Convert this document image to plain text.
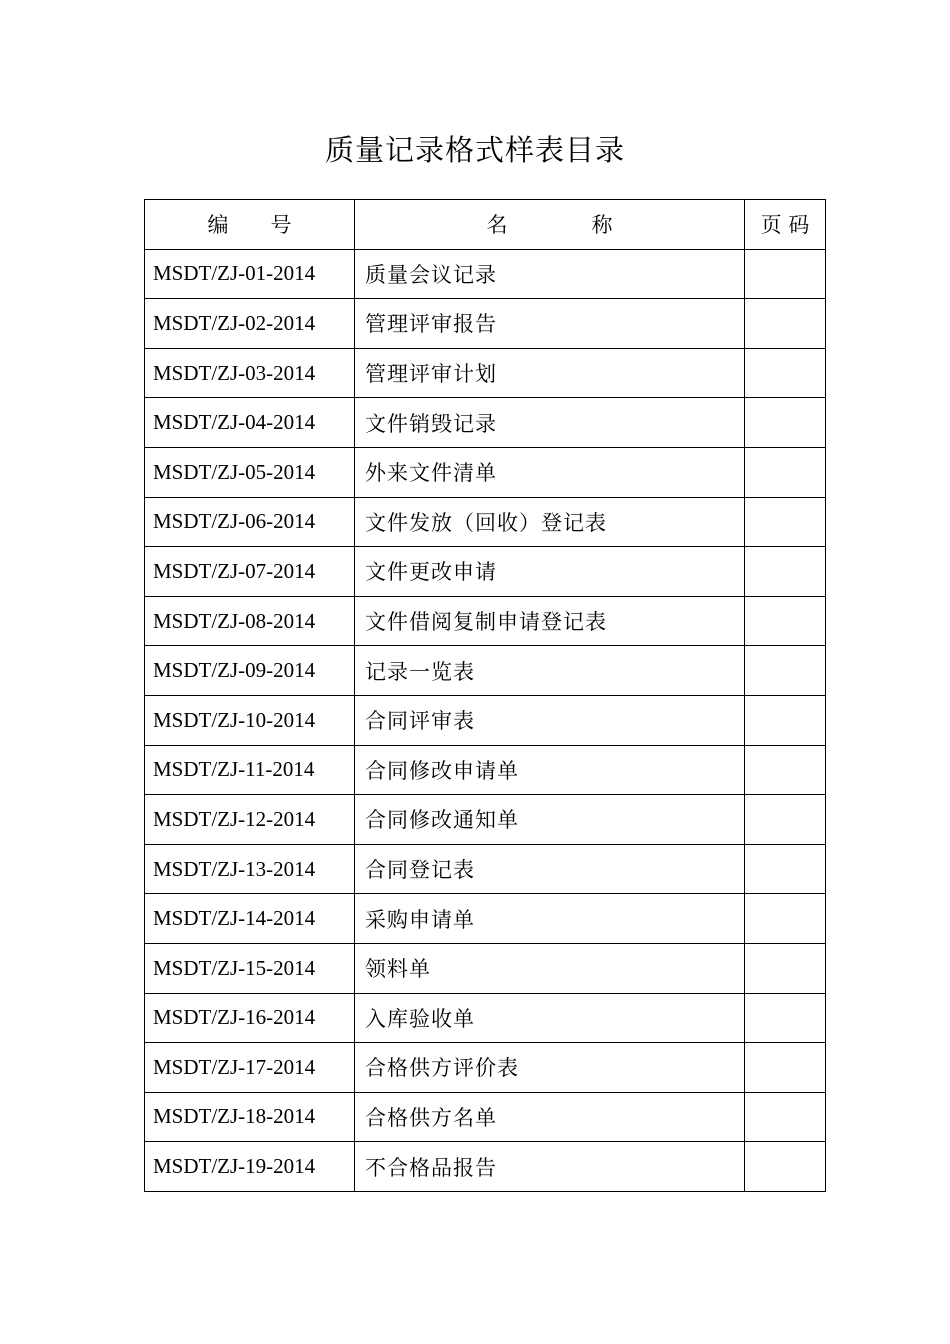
质量记录格式样表目录
编　　号	名　　　　称	页 码
MSDT/ZJ-01-2014	质量会议记录	
MSDT/ZJ-02-2014	管理评审报告	
MSDT/ZJ-03-2014	管理评审计划	
MSDT/ZJ-04-2014	文件销毁记录	
MSDT/ZJ-05-2014	外来文件清单	
MSDT/ZJ-06-2014	文件发放（回收）登记表	
MSDT/ZJ-07-2014	文件更改申请	
MSDT/ZJ-08-2014	文件借阅复制申请登记表	
MSDT/ZJ-09-2014	记录一览表	
MSDT/ZJ-10-2014	合同评审表	
MSDT/ZJ-11-2014	合同修改申请单	
MSDT/ZJ-12-2014	合同修改通知单	
MSDT/ZJ-13-2014	合同登记表	
MSDT/ZJ-14-2014	采购申请单	
MSDT/ZJ-15-2014	领料单	
MSDT/ZJ-16-2014	入库验收单	
MSDT/ZJ-17-2014	合格供方评价表	
MSDT/ZJ-18-2014	合格供方名单	
MSDT/ZJ-19-2014	不合格品报告	
